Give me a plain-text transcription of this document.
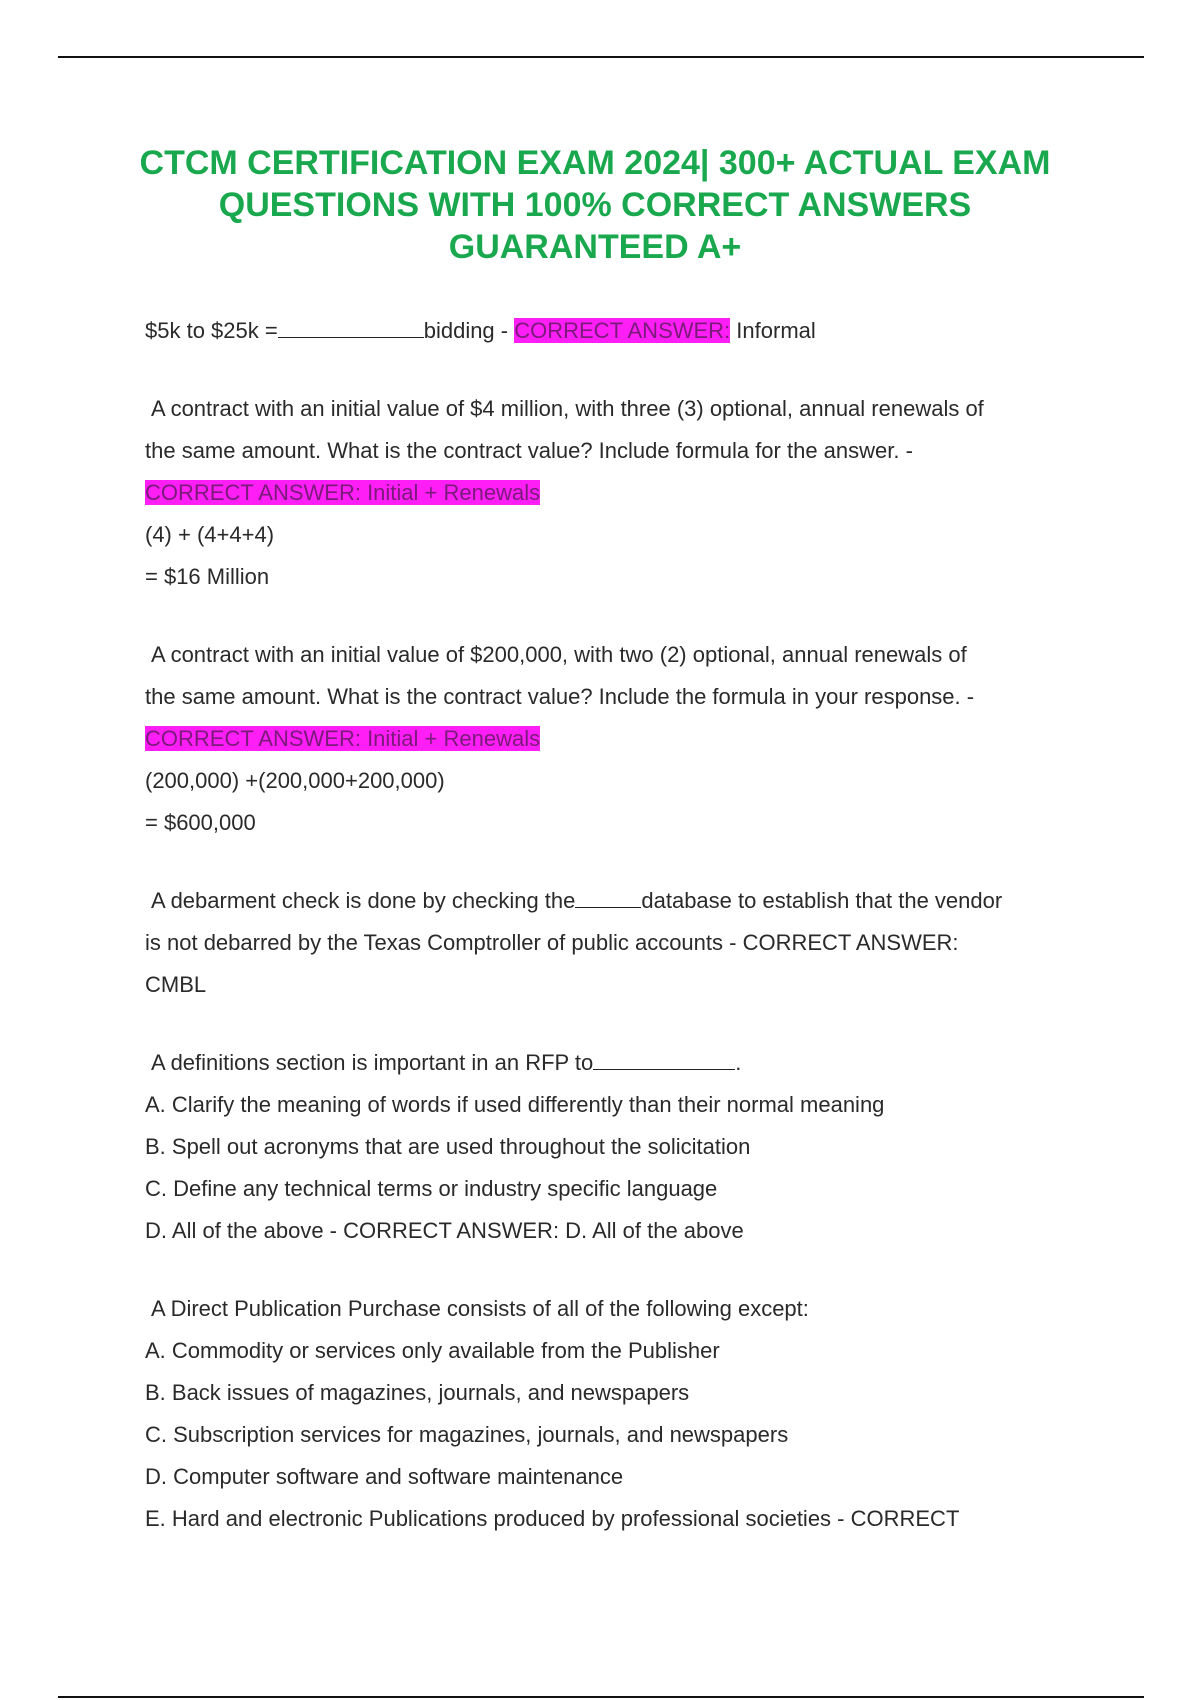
CTCM CERTIFICATION EXAM 2024| 300+ ACTUAL EXAM QUESTIONS WITH 100% CORRECT ANSWERS GUARANTEED A+
$5k to $25k =	bidding - CORRECT ANSWER: Informal
A contract with an initial value of $4 million, with three (3) optional, annual renewals of
the same amount. What is the contract value? Include formula for the answer. -
CORRECT ANSWER: Initial + Renewals
(4) + (4+4+4)
= $16 Million
A contract with an initial value of $200,000, with two (2) optional, annual renewals of
the same amount. What is the contract value? Include the formula in your response. -
CORRECT ANSWER: Initial + Renewals
(200,000) +(200,000+200,000)
= $600,000
A debarment check is done by checking the	database to establish that the vendor
is not debarred by the Texas Comptroller of public accounts - CORRECT ANSWER:
CMBL
A definitions section is important in an RFP to	.
A. Clarify the meaning of words if used differently than their normal meaning
B. Spell out acronyms that are used throughout the solicitation
C. Define any technical terms or industry specific language
D. All of the above - CORRECT ANSWER: D. All of the above
A Direct Publication Purchase consists of all of the following except:
A. Commodity or services only available from the Publisher
B. Back issues of magazines, journals, and newspapers
C. Subscription services for magazines, journals, and newspapers
D. Computer software and software maintenance
E. Hard and electronic Publications produced by professional societies - CORRECT
